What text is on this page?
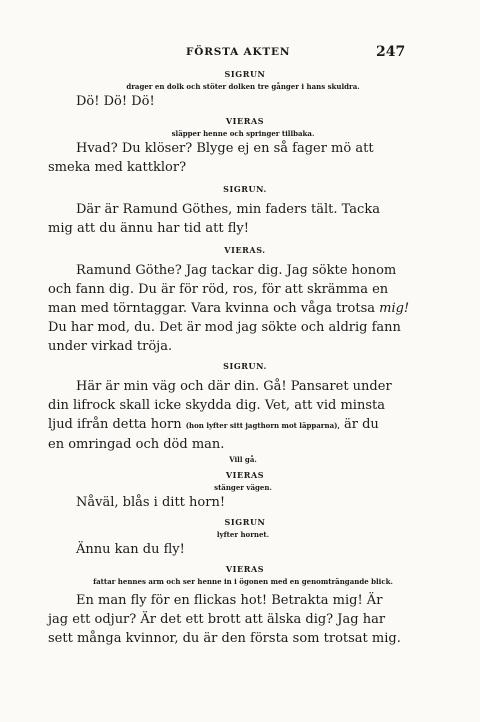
FÖRSTA AKTEN	247

SIGRUN

drager en dolk och stöter dolken tre gånger i hans skuldra.

Dö! Dö! Dö!

VIERAS

släpper henne och springer tillbaka.

Hvad? Du klöser? Blyge ej en så fager mö att

smeka med kattklor?

SIGRUN.

Där är Ramund Göthes, min faders tält. Tacka

mig att du ännu har tid att fly!

VIERAS.

Ramund Göthe? Jag tackar dig. Jag sökte honom

och fann dig. Du är för röd, ros, för att skrämma en

man med törntaggar. Vara kvinna och våga trotsa mig!

Du har mod, du. Det är mod jag sökte och aldrig fann

under virkad tröja.

SIGRUN.

Här är min väg och där din. Gå! Pansaret under

din lifrock skall icke skydda dig. Vet, att vid minsta

ljud ifrån detta horn (hon lyfter sitt jagthorn mot läpparna), är du

en omringad och död man.

Vill gå.

VIERAS

stänger vägen.

Nåväl, blås i ditt horn!

SIGRUN

lyfter hornet.

Ännu kan du fly!

VIERAS

fattar hennes arm och ser henne in i ögonen med en genomträngande blick.

En man fly för en flickas hot! Betrakta mig! Är

jag ett odjur? Är det ett brott att älska dig? Jag har

sett många kvinnor, du är den första som trotsat mig.
